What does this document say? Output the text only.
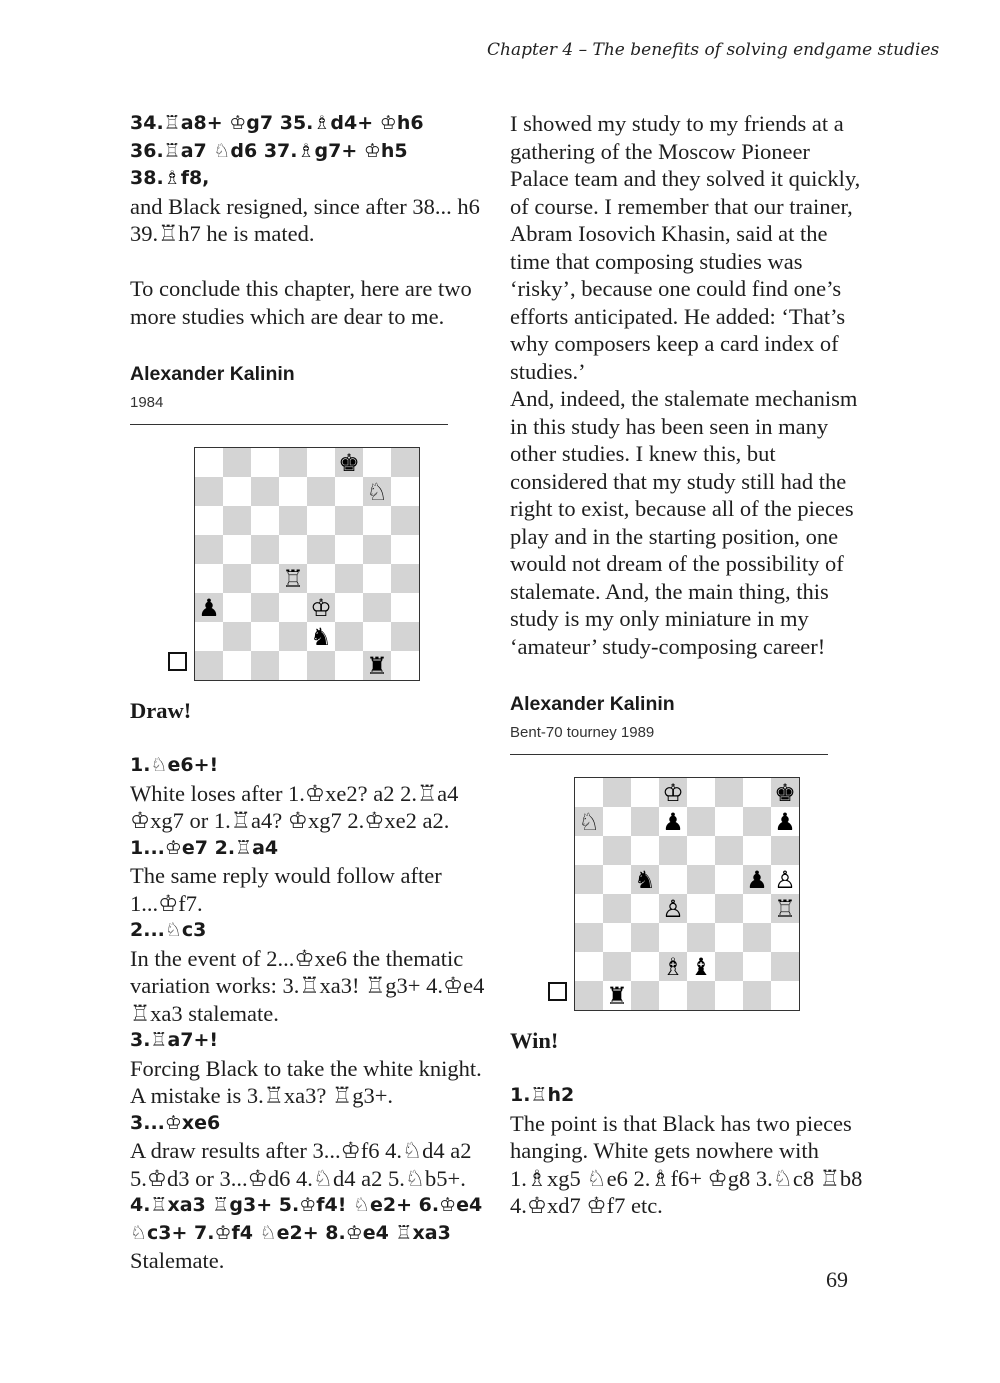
Chapter 4 – The benefits of solving endgame studies

34.♖a8+ ♔g7 35.♗d4+ ♔h6 36.♖a7 ♘d6 37.♗g7+ ♔h5 38.♗f8,

and Black resigned, since after 38... h6 39.♖h7 he is mated.

To conclude this chapter, here are two more studies which are dear to me.

Alexander Kalinin

1984

♚
♘
♖
♟	♔
♞
♜

Draw!

1.♘e6+!

White loses after 1.♔xe2? a2 2.♖a4 ♔xg7 or 1.♖a4? ♔xg7 2.♔xe2 a2.

1...♔e7 2.♖a4

The same reply would follow after 1...♔f7.

2...♘c3

In the event of 2...♔xe6 the thematic variation works: 3.♖xa3! ♖g3+ 4.♔e4 ♖xa3 stalemate.

3.♖a7+!

Forcing Black to take the white knight. A mistake is 3.♖xa3? ♖g3+.

3...♔xe6

A draw results after 3...♔f6 4.♘d4 a2 5.♔d3 or 3...♔d6 4.♘d4 a2 5.♘b5+.

4.♖xa3 ♖g3+ 5.♔f4! ♘e2+ 6.♔e4 ♘c3+ 7.♔f4 ♘e2+ 8.♔e4 ♖xa3

Stalemate.

I showed my study to my friends at a gathering of the Moscow Pioneer Palace team and they solved it quickly, of course. I remember that our trainer, Abram Iosovich Khasin, said at the time that composing studies was ‘risky’, because one could find one’s efforts anticipated. He added: ‘That’s why composers keep a card index of studies.’

And, indeed, the stalemate mechanism in this study has been seen in many other studies. I knew this, but considered that my study still had the right to exist, because all of the pieces play and in the starting position, one would not dream of the possibility of stalemate. And, the main thing, this study is my only miniature in my ‘amateur’ study-composing career!

Alexander Kalinin

Bent-70 tourney 1989

♔	♚
♘	♟	♟
♞	♟ ♙
♙	♖
♗ ♝
♜

Win!

1.♖h2

The point is that Black has two pieces hanging. White gets nowhere with 1.♗xg5 ♘e6 2.♗f6+ ♔g8 3.♘c8 ♖b8 4.♔xd7 ♔f7 etc.

69
